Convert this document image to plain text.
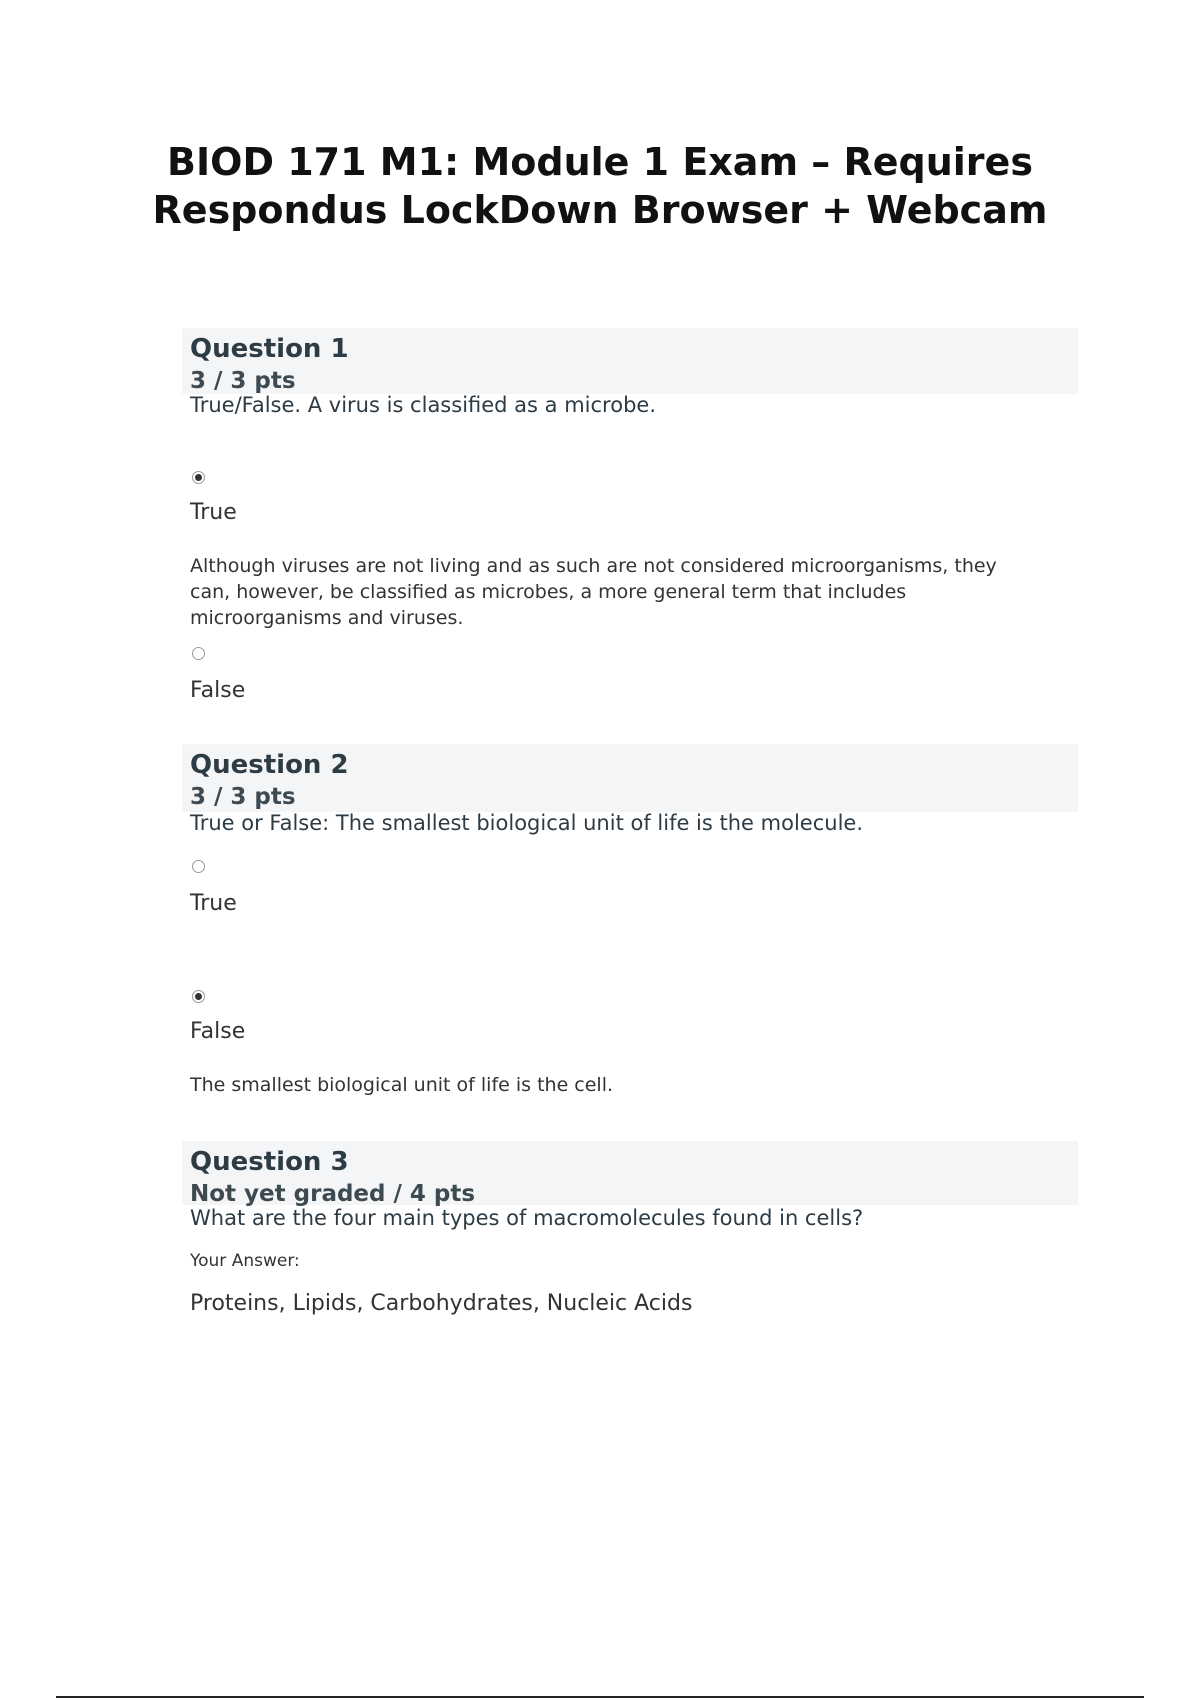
BIOD 171 M1: Module 1 Exam – Requires
Respondus LockDown Browser + Webcam
Question 1
3 / 3 pts
True/False. A virus is classified as a microbe.
True
Although viruses are not living and as such are not considered microorganisms, they can, however, be classified as microbes, a more general term that includes microorganisms and viruses.
False
Question 2
3 / 3 pts
True or False: The smallest biological unit of life is the molecule.
True
False
The smallest biological unit of life is the cell.
Question 3
Not yet graded / 4 pts
What are the four main types of macromolecules found in cells?
Your Answer:
Proteins, Lipids, Carbohydrates, Nucleic Acids
